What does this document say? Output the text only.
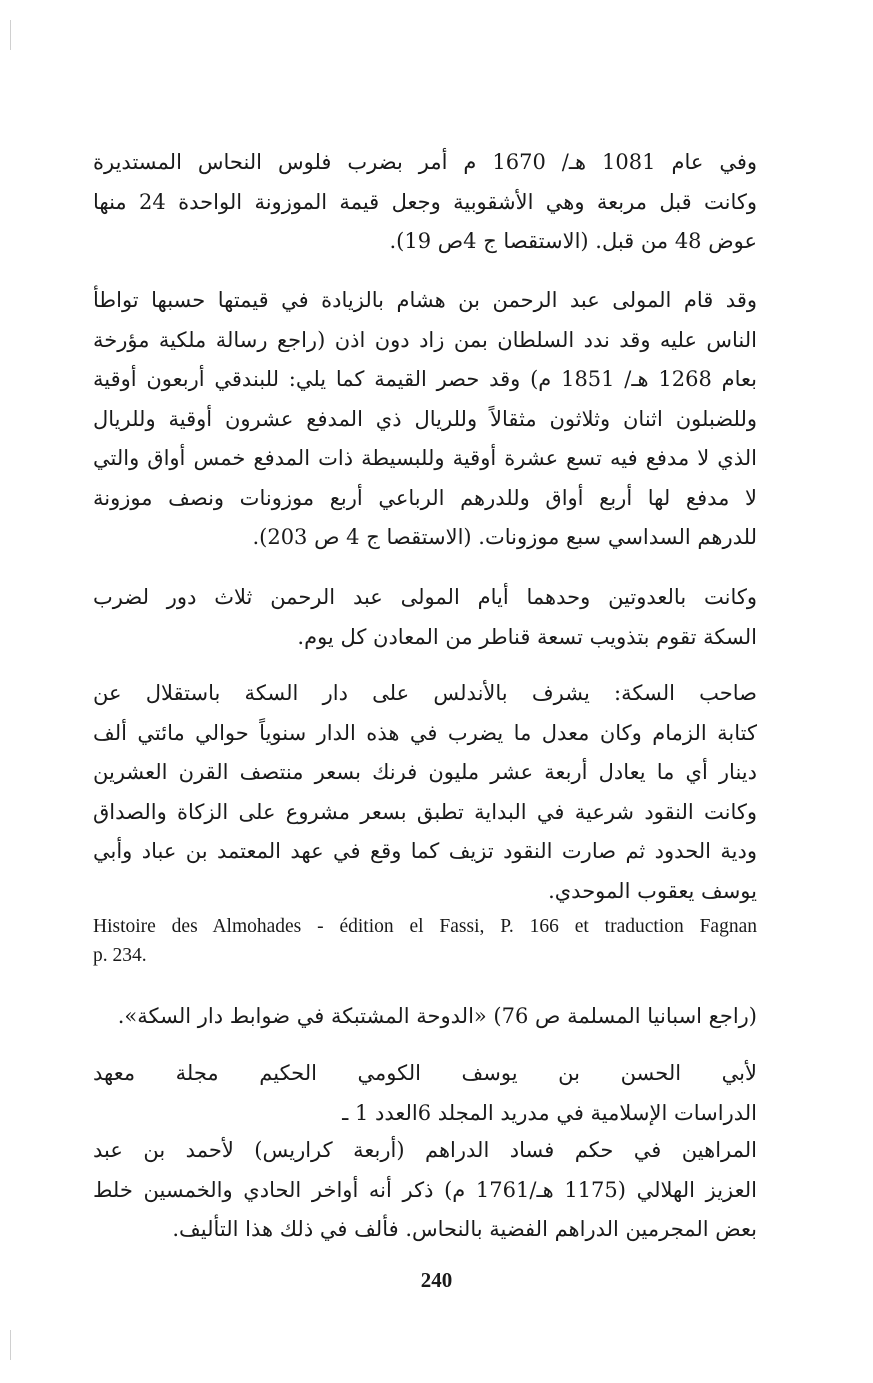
وفي عام 1081 هـ/ 1670 م أمر بضرب فلوس النحاس المستديرة
وكانت قبل مربعة وهي الأشقوبية وجعل قيمة الموزونة الواحدة 24 منها
عوض 48 من قبل. (الاستقصا ج 4ص 19).
وقد قام المولى عبد الرحمن بن هشام بالزيادة في قيمتها حسبها تواطأ
الناس عليه وقد ندد السلطان بمن زاد دون اذن (راجع رسالة ملكية مؤرخة
بعام 1268 هـ/ 1851 م) وقد حصر القيمة كما يلي: للبندقي أربعون أوقية
وللضبلون اثنان وثلاثون مثقالاً وللريال ذي المدفع عشرون أوقية وللريال
الذي لا مدفع فيه تسع عشرة أوقية وللبسيطة ذات المدفع خمس أواق والتي
لا مدفع لها أربع أواق وللدرهم الرباعي أربع موزونات ونصف موزونة
للدرهم السداسي سبع موزونات. (الاستقصا ج 4 ص 203).
وكانت بالعدوتين وحدهما أيام المولى عبد الرحمن ثلاث دور لضرب
السكة تقوم بتذويب تسعة قناطر من المعادن كل يوم.
صاحب السكة: يشرف بالأندلس على دار السكة باستقلال عن
كتابة الزمام وكان معدل ما يضرب في هذه الدار سنوياً حوالي مائتي ألف
دينار أي ما يعادل أربعة عشر مليون فرنك بسعر منتصف القرن العشرين
وكانت النقود شرعية في البداية تطبق بسعر مشروع على الزكاة والصداق
ودية الحدود ثم صارت النقود تزيف كما وقع في عهد المعتمد بن عباد وأبي
يوسف يعقوب الموحدي.
Histoire des Almohades - édition el Fassi, P. 166 et traduction Fagnan
p. 234.
(راجع اسبانيا المسلمة ص 76) «الدوحة المشتبكة في ضوابط دار السكة».
لأبي الحسن بن يوسف الكومي الحكيم مجلة معهد
الدراسات الإسلامية في مدريد المجلد 6العدد 1 ـ
المراهين في حكم فساد الدراهم (أربعة كراريس) لأحمد بن عبد
العزيز الهلالي (1175 هـ/1761 م) ذكر أنه أواخر الحادي والخمسين خلط
بعض المجرمين الدراهم الفضية بالنحاس. فألف في ذلك هذا التأليف.
240
